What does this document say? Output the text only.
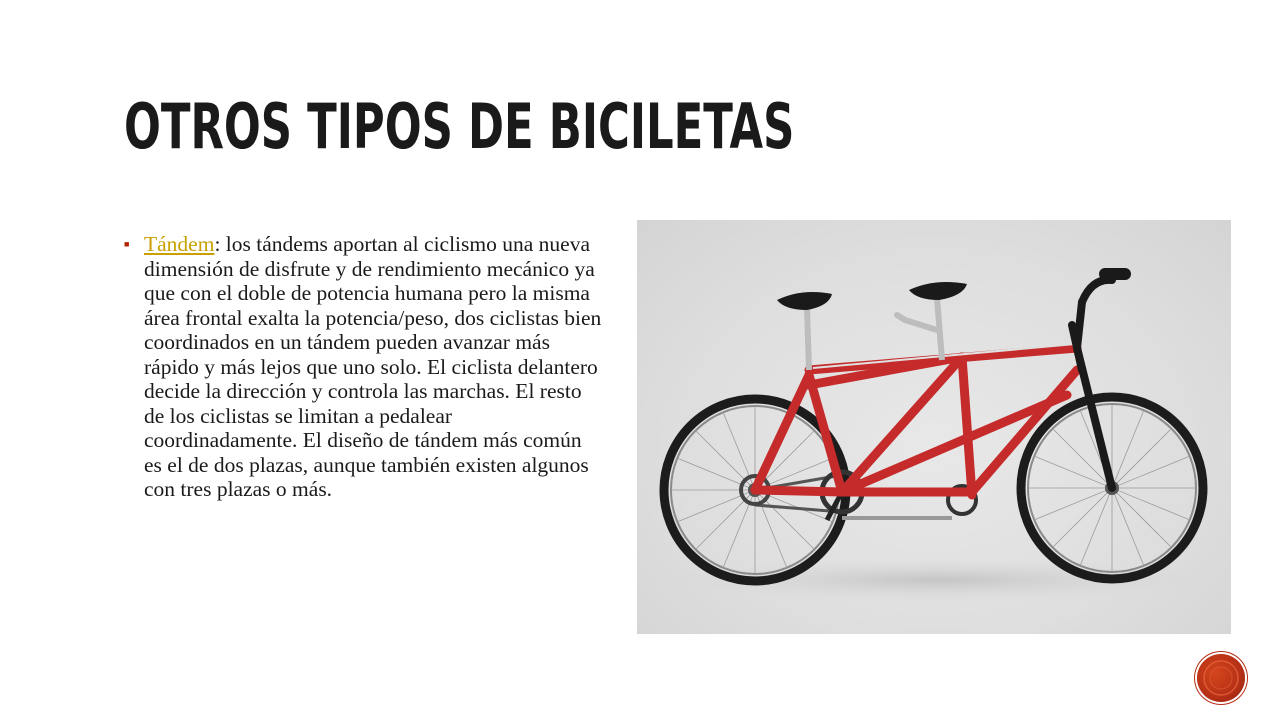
OTROS TIPOS DE BICILETAS
■ Tándem: los tándems aportan al ciclismo una nueva dimensión de disfrute y de rendimiento mecánico ya que con el doble de potencia humana pero la misma área frontal exalta la potencia/peso, dos ciclistas bien coordinados en un tándem pueden avanzar más rápido y más lejos que uno solo. El ciclista delantero decide la dirección y controla las marchas. El resto de los ciclistas se limitan a pedalear coordinadamente. El diseño de tándem más común es el de dos plazas, aunque también existen algunos con tres plazas o más.
